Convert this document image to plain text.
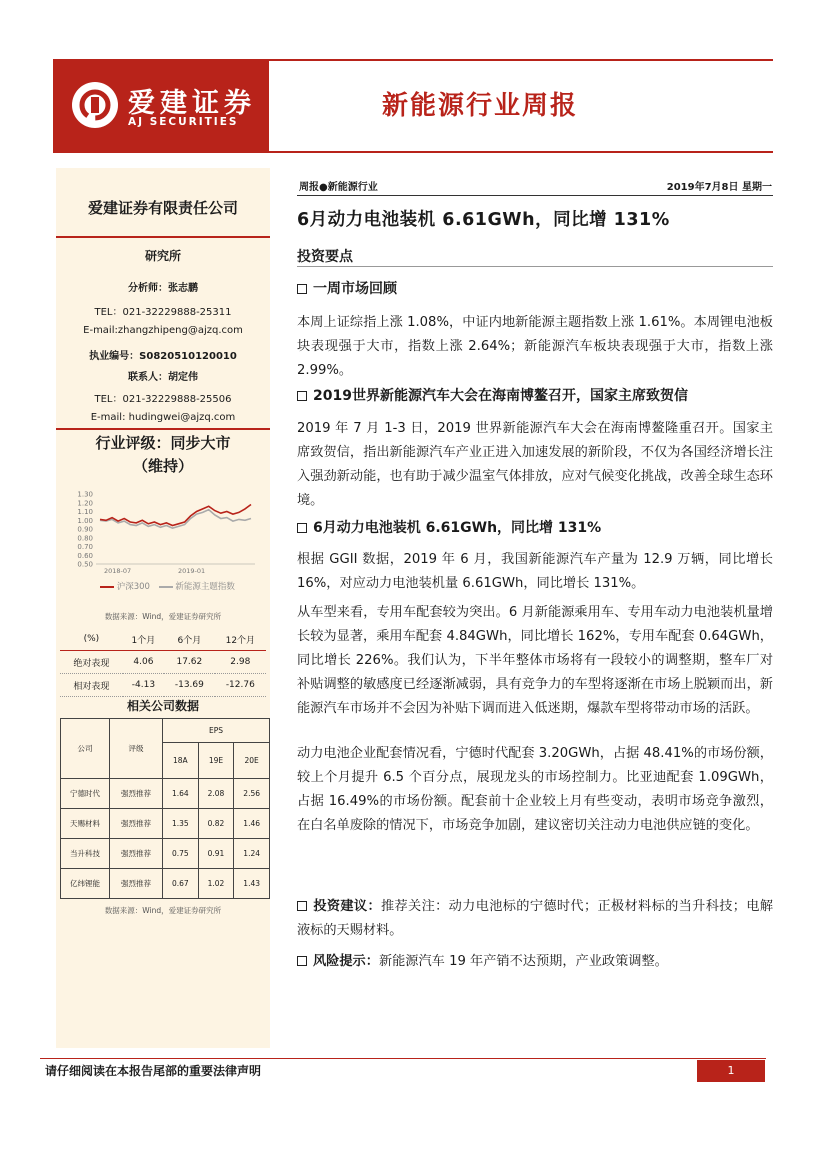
爱建证券
AJ SECURITIES
新能源行业周报
爱建证券有限责任公司
研究所
分析师：张志鹏
TEL：021-32229888-25311
E-mail:zhangzhipeng@ajzq.com
执业编号：S0820510120010
联系人：胡定伟
TEL：021-32229888-25506
E-mail: hudingwei@ajzq.com
行业评级：同步大市
（维持）
1.30
1.20
1.10
1.00
0.90
0.80
0.70
0.60
0.50
2018-07	2019-01
沪深300	新能源主题指数
数据来源：Wind，爱建证券研究所
(%)	1个月	6个月	12个月
绝对表现	4.06	17.62	2.98
相对表现	-4.13	-13.69	-12.76
相关公司数据
公司	评级	EPS		
		18A	19E	20E
宁德时代	强烈推荐	1.64	2.08	2.56
天赐材料	强烈推荐	1.35	0.82	1.46
当升科技	强烈推荐	0.75	0.91	1.24
亿纬锂能	强烈推荐	0.67	1.02	1.43
数据来源：Wind，爱建证券研究所
周报●新能源行业	2019年7月8日 星期一
6月动力电池装机 6.61GWh，同比增 131%
投资要点
一周市场回顾
本周上证综指上涨 1.08%，中证内地新能源主题指数上涨 1.61%。本周锂电池板块表现强于大市，指数上涨 2.64%；新能源汽车板块表现强于大市，指数上涨 2.99%。
2019世界新能源汽车大会在海南博鳌召开，国家主席致贺信
2019 年 7 月 1-3 日，2019 世界新能源汽车大会在海南博鳌隆重召开。国家主席致贺信，指出新能源汽车产业正进入加速发展的新阶段，不仅为各国经济增长注入强劲新动能，也有助于减少温室气体排放，应对气候变化挑战，改善全球生态环境。
6月动力电池装机 6.61GWh，同比增 131%
根据 GGII 数据，2019 年 6 月，我国新能源汽车产量为 12.9 万辆，同比增长 16%，对应动力电池装机量 6.61GWh，同比增长 131%。
从车型来看，专用车配套较为突出。6 月新能源乘用车、专用车动力电池装机量增长较为显著，乘用车配套 4.84GWh，同比增长 162%，专用车配套 0.64GWh，同比增长 226%。我们认为，下半年整体市场将有一段较小的调整期，整车厂对补贴调整的敏感度已经逐渐减弱，具有竞争力的车型将逐渐在市场上脱颖而出，新能源汽车市场并不会因为补贴下调而进入低迷期，爆款车型将带动市场的活跃。
动力电池企业配套情况看，宁德时代配套 3.20GWh，占据 48.41%的市场份额，较上个月提升 6.5 个百分点，展现龙头的市场控制力。比亚迪配套 1.09GWh，占据 16.49%的市场份额。配套前十企业较上月有些变动，表明市场竞争激烈，在白名单废除的情况下，市场竞争加剧，建议密切关注动力电池供应链的变化。
投资建议：推荐关注：动力电池标的宁德时代；正极材料标的当升科技；电解液标的天赐材料。
风险提示：新能源汽车 19 年产销不达预期，产业政策调整。
请仔细阅读在本报告尾部的重要法律声明	1
